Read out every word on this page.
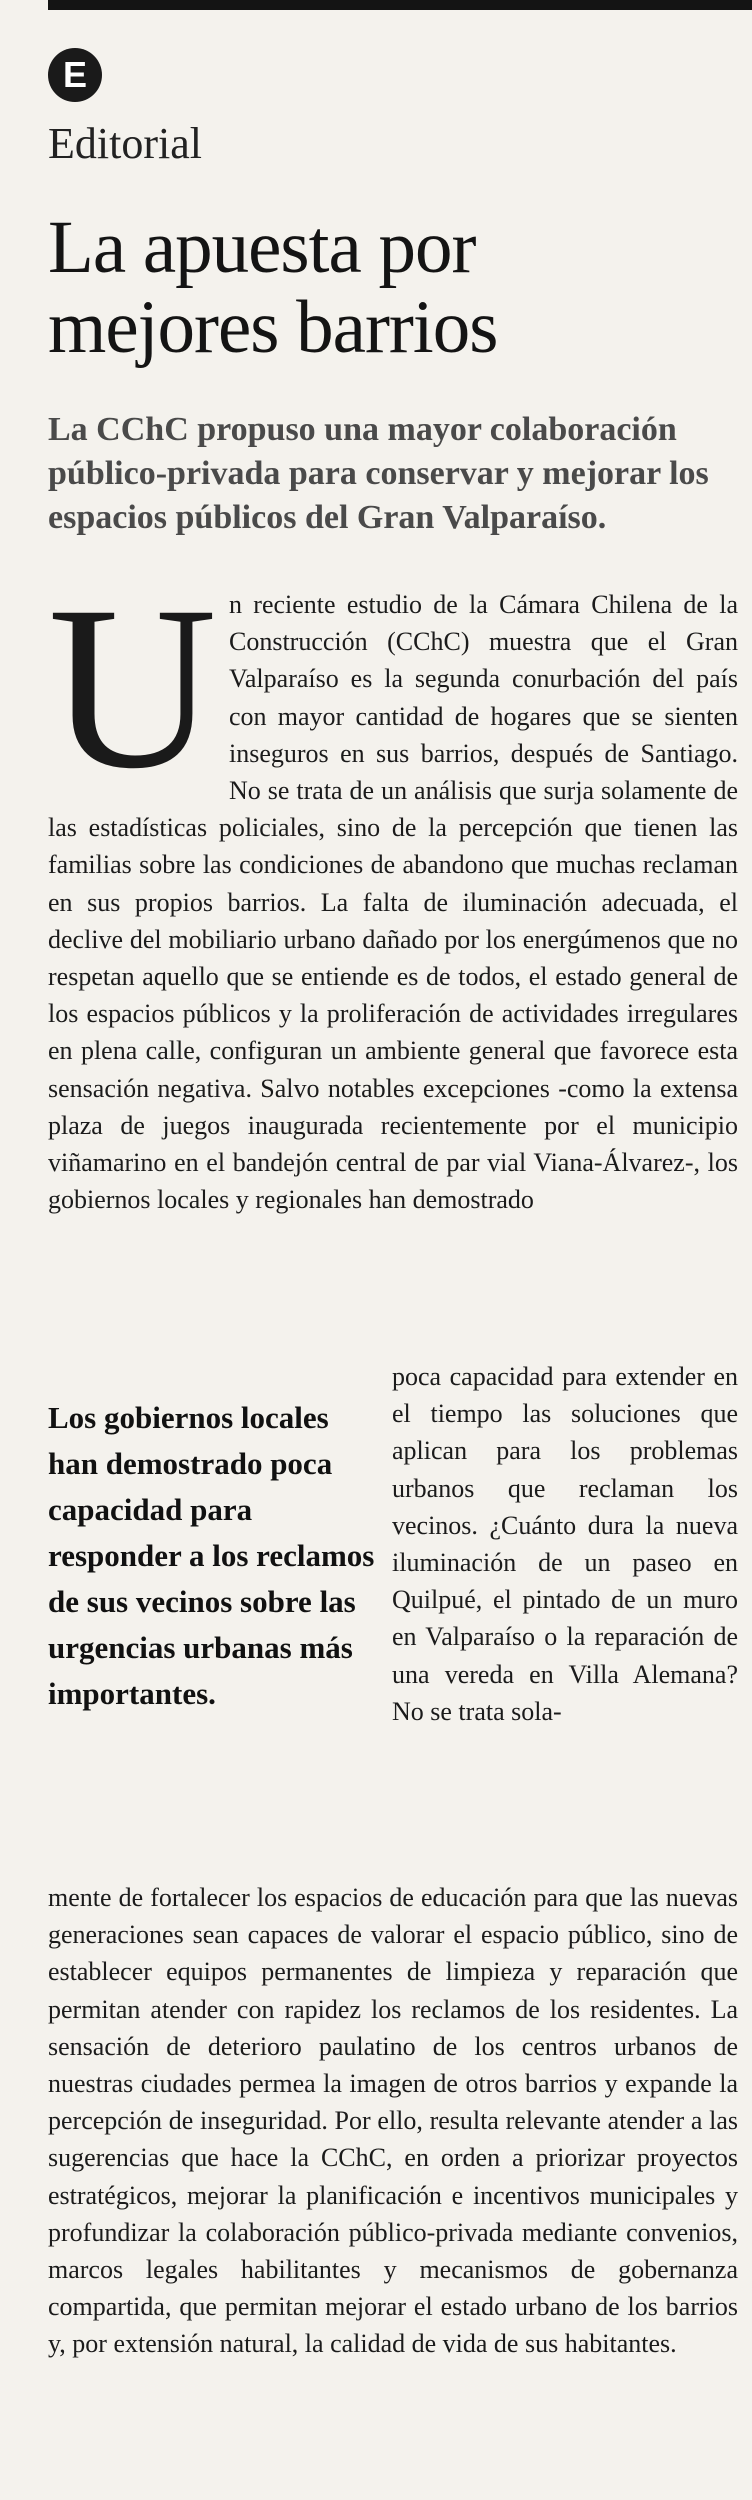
E
Editorial
La apuesta por
mejores barrios

La CChC propuso una mayor colaboración público-privada para conservar y mejorar los espacios públicos del Gran Valparaíso.

U n reciente estudio de la Cámara Chilena de la Construcción (CChC) muestra que el Gran Valparaíso es la segunda conurbación del país con mayor cantidad de hogares que se sienten inseguros en sus barrios, después de Santiago. No se trata de un análisis que surja solamente de las estadísticas policiales, sino de la percepción que tienen las familias sobre las condiciones de abandono que muchas reclaman en sus propios barrios. La falta de iluminación adecuada, el declive del mobiliario urbano dañado por los energúmenos que no respetan aquello que se entiende es de todos, el estado general de los espacios públicos y la proliferación de actividades irregulares en plena calle, configuran un ambiente general que favorece esta sensación negativa. Salvo notables excepciones -como la extensa plaza de juegos inaugurada recientemente por el municipio viñamarino en el bandejón central de par vial Viana-Álvarez-, los gobiernos locales y regionales han demostrado

Los gobiernos locales han demostrado poca capacidad para responder a los reclamos de sus vecinos sobre las urgencias urbanas más importantes.

poca capacidad para extender en el tiempo las soluciones que aplican para los problemas urbanos que reclaman los vecinos. ¿Cuánto dura la nueva iluminación de un paseo en Quilpué, el pintado de un muro en Valparaíso o la reparación de una vereda en Villa Alemana? No se trata sola-

mente de fortalecer los espacios de educación para que las nuevas generaciones sean capaces de valorar el espacio público, sino de establecer equipos permanentes de limpieza y reparación que permitan atender con rapidez los reclamos de los residentes. La sensación de deterioro paulatino de los centros urbanos de nuestras ciudades permea la imagen de otros barrios y expande la percepción de inseguridad. Por ello, resulta relevante atender a las sugerencias que hace la CChC, en orden a priorizar proyectos estratégicos, mejorar la planificación e incentivos municipales y profundizar la colaboración público-privada mediante convenios, marcos legales habilitantes y mecanismos de gobernanza compartida, que permitan mejorar el estado urbano de los barrios y, por extensión natural, la calidad de vida de sus habitantes.
